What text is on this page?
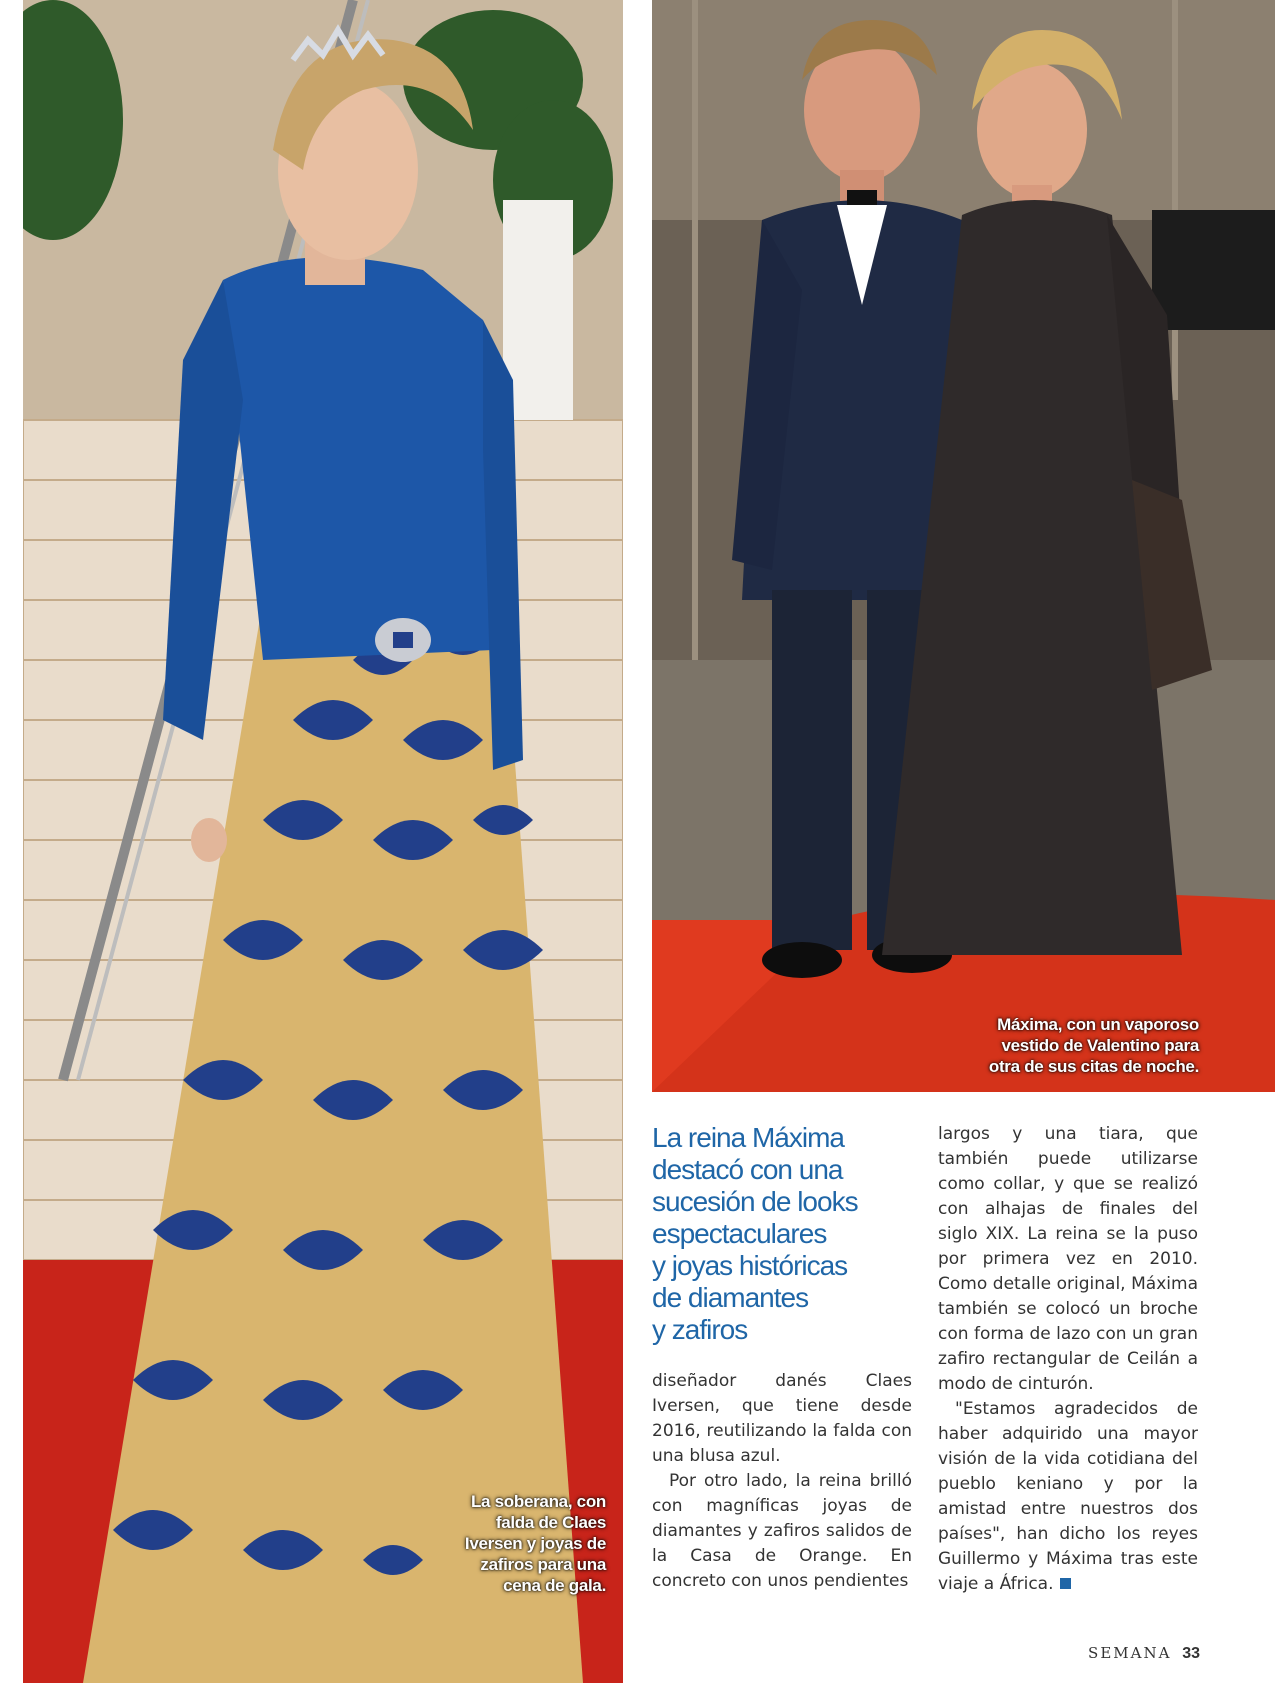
La soberana, con
falda de Claes
Iversen y joyas de
zafiros para una
cena de gala.
Máxima, con un vaporoso
vestido de Valentino para
otra de sus citas de noche.
La reina Máxima
destacó con una
sucesión de looks
espectaculares
y joyas históricas
de diamantes
y zafiros

diseñador danés Claes Iversen, que tiene desde 2016, reutilizando la falda con una blusa azul.

Por otro lado, la reina brilló con magníficas joyas de diamantes y zafiros salidos de la Casa de Orange. En concreto con unos pendientes

largos y una tiara, que también puede utilizarse como collar, y que se realizó con alhajas de finales del siglo XIX. La reina se la puso por primera vez en 2010. Como detalle original, Máxima también se colocó un broche con forma de lazo con un gran zafiro rectangular de Ceilán a modo de cinturón.

"Estamos agradecidos de haber adquirido una mayor visión de la vida cotidiana del pueblo keniano y por la amistad entre nuestros dos países", han dicho los reyes Guillermo y Máxima tras este viaje a África.

SEMANA 33
